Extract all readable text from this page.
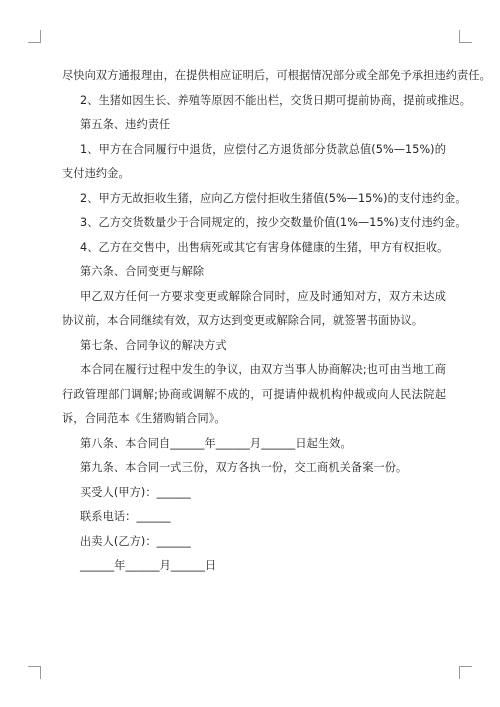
尽快向双方通报理由，在提供相应证明后，可根据情况部分或全部免予承担违约责任。

2、生猪如因生长、养殖等原因不能出栏，交货日期可提前协商，提前或推迟。

第五条、违约责任

1、甲方在合同履行中退货，应偿付乙方退货部分货款总值(5%—15%)的支付违约金。

2、甲方无故拒收生猪，应向乙方偿付拒收生猪值(5%—15%)的支付违约金。

3、乙方交货数量少于合同规定的，按少交数量价值(1%—15%)支付违约金。

4、乙方在交售中，出售病死或其它有害身体健康的生猪，甲方有权拒收。

第六条、合同变更与解除

甲乙双方任何一方要求变更或解除合同时，应及时通知对方，双方未达成协议前，本合同继续有效，双方达到变更或解除合同，就签署书面协议。

第七条、合同争议的解决方式

本合同在履行过程中发生的争议，由双方当事人协商解决;也可由当地工商行政管理部门调解;协商或调解不成的，可提请仲裁机构仲裁或向人民法院起诉，合同范本《生猪购销合同》。

第八条、本合同自______年______月______日起生效。

第九条、本合同一式三份，双方各执一份，交工商机关备案一份。

买受人(甲方)：______

联系电话：______

出卖人(乙方)：______

______年______月______日
